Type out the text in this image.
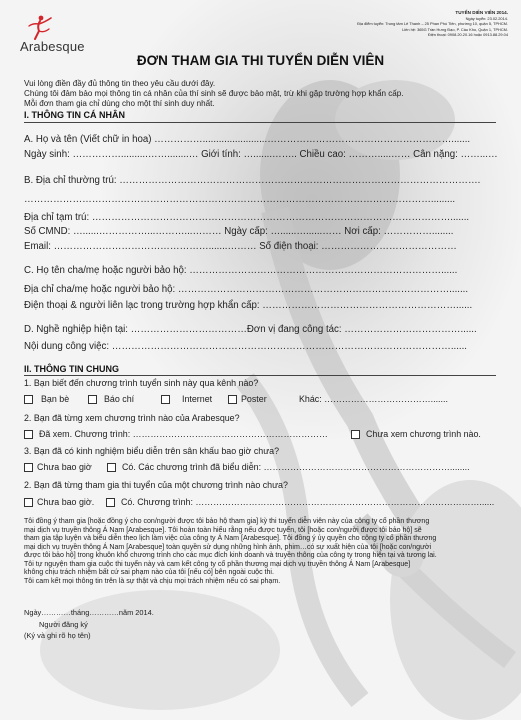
Arabesque
TUYỂN DIỄN VIÊN 2014.
Ngày tuyển: 23.02.2014.
Địa điểm tuyển: Trung tâm Lê Thanh – 25 Phan Phú Tiên, phường 10, quận 5, TPHCM.
Liên hệ: 365G Trần Hưng Đạo, P. Cầu Kho, Quận 1, TPHCM.
Điện thoại: 0908.20.20.16 hoặc 0913.88.29.04
ĐƠN THAM GIA THI TUYỂN DIỄN VIÊN
Vui lòng điền đầy đủ thông tin theo yêu cầu dưới đây.
Chúng tôi đảm bảo mọi thông tin cá nhân của thí sinh sẽ được bảo mật, trừ khi gặp trường hợp khẩn cấp.
Mỗi đơn tham gia chỉ dùng cho một thí sinh duy nhất.
I. THÔNG TIN CÁ NHÂN
A. Họ và tên (Viết chữ in hoa) ……………........................………………………………………………….......
Ngày sinh: ……………..........……........… Giới tính: ….......…….. Chiều cao: ……….....…… Cân nặng: ……...…
B. Địa chỉ thường trú: ………………………………………………………………………………………………….
……………………………………………………………………………………………………………….........
Địa chỉ tạm trú: ………………………………………………………………………………………………….......
Số CMND: …......……………...………...……… Ngày cấp: …......…......…… Nơi cấp: ……………........
Email: ………………………………………….......……… Số điện thoại: ……………………………………
C. Họ tên cha/mẹ hoặc người bảo hộ: ……………………………………………………………………......
Địa chỉ cha/mẹ hoặc người bảo hộ: ………………………………………………………………………….......
Điện thoại & người liên lạc trong trường hợp khẩn cấp: ……………………………………………………......
D. Nghề nghiệp hiện tại: ………………………………Đơn vị đang công tác: ………………………………......
Nội dung công việc: ……………………………………………………………………………………………......
II. THÔNG TIN CHUNG
1. Bạn biết đến chương trình tuyển sinh này qua kênh nào?
Bạn bè	Báo chí	Internet	Poster	Khác: ……………………………….......
2. Bạn đã từng xem chương trình nào của Arabesque?
Đã xem. Chương trình: …………………………………………………………	Chưa xem chương trình nào.
3. Bạn đã có kinh nghiệm biểu diễn trên sân khấu bao giờ chưa?
Chưa bao giờ	Có. Các chương trình đã biểu diễn: ………………………………………………………........
2. Bạn đã từng tham gia thi tuyển của một chương trình nào chưa?
Chưa bao giờ.	Có. Chương trình: ……………………………………………………………………………………......
Tôi đồng ý tham gia [hoặc đồng ý cho con/người được tôi bảo hộ tham gia] kỳ thi tuyển diễn viên này của công ty cổ phần thương
mại dịch vụ truyền thông Á Nam [Arabesque]. Tôi hoàn toàn hiểu rằng nếu được tuyển, tôi [hoặc con/người được tôi bảo hộ] sẽ
tham gia tập luyện và biểu diễn theo lịch làm việc của công ty Á Nam [Arabesque]. Tôi đồng ý ủy quyền cho công ty cổ phần thương
mại dịch vụ truyền thông Á Nam [Arabesque] toàn quyền sử dụng những hình ảnh, phim…có sự xuất hiện của tôi [hoặc con/người
được tôi bảo hộ] trong khuôn khổ chương trình cho các mục đích kinh doanh và truyền thông của công ty trong hiện tại và tương lai.
Tôi tự nguyện tham gia cuộc thi tuyển này và cam kết công ty cổ phần thương mại dịch vụ truyền thông Á Nam [Arabesque]
không chịu trách nhiệm bất cứ sai phạm nào của tôi [nếu có] bên ngoài cuộc thi.
Tôi cam kết mọi thông tin trên là sự thật và chịu mọi trách nhiệm nếu có sai phạm.
Ngày…………tháng…………năm 2014.
Người đăng ký
(Ký và ghi rõ họ tên)
